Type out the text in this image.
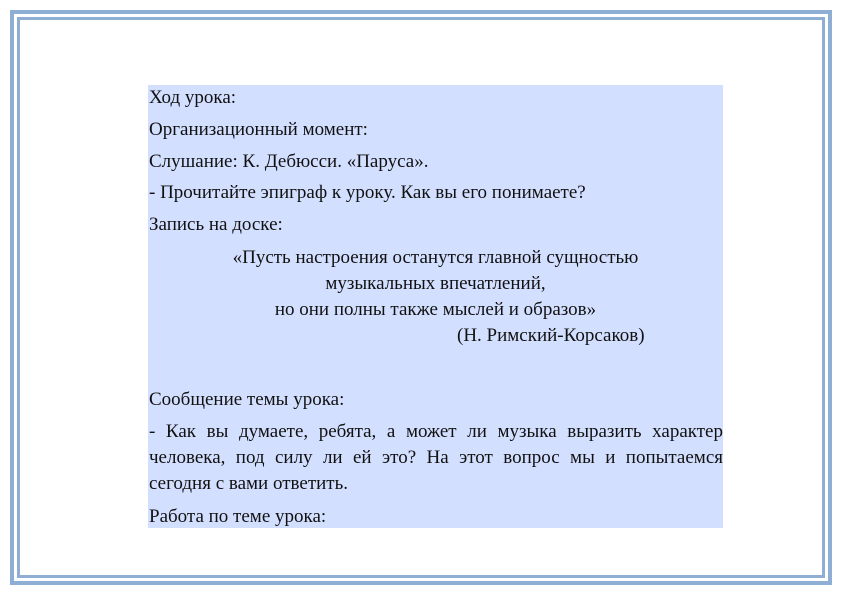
Ход урока:
Организационный момент:
Слушание: К. Дебюсси. «Паруса».
- Прочитайте эпиграф к уроку. Как вы его понимаете?
Запись на доске:
«Пусть настроения останутся главной сущностью
музыкальных впечатлений,
но они полны также мыслей и образов»
(Н. Римский-Корсаков)
Сообщение темы урока:
- Как вы думаете, ребята, а может ли музыка выразить характер человека, под силу ли ей это? На этот вопрос мы и попытаемся сегодня с вами ответить.
Работа по теме урока:
